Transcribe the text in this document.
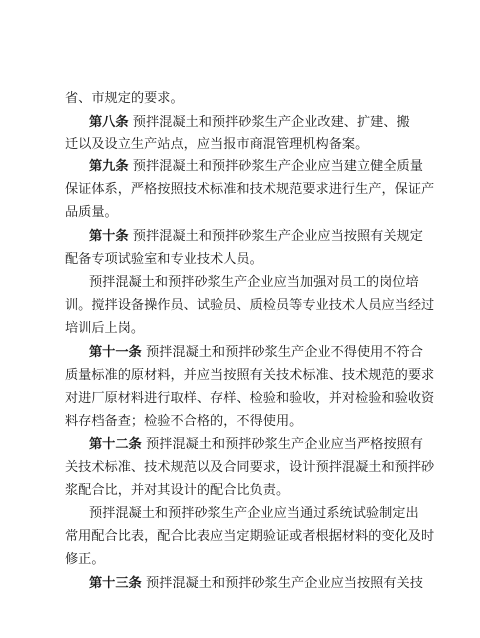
省、市规定的要求。
第八条 预拌混凝土和预拌砂浆生产企业改建、扩建、搬
迁以及设立生产站点，应当报市商混管理机构备案。
第九条 预拌混凝土和预拌砂浆生产企业应当建立健全质量
保证体系，严格按照技术标准和技术规范要求进行生产，保证产
品质量。
第十条 预拌混凝土和预拌砂浆生产企业应当按照有关规定
配备专项试验室和专业技术人员。
预拌混凝土和预拌砂浆生产企业应当加强对员工的岗位培
训。搅拌设备操作员、试验员、质检员等专业技术人员应当经过
培训后上岗。
第十一条 预拌混凝土和预拌砂浆生产企业不得使用不符合
质量标准的原材料，并应当按照有关技术标准、技术规范的要求
对进厂原材料进行取样、存样、检验和验收，并对检验和验收资
料存档备查；检验不合格的，不得使用。
第十二条 预拌混凝土和预拌砂浆生产企业应当严格按照有
关技术标准、技术规范以及合同要求，设计预拌混凝土和预拌砂
浆配合比，并对其设计的配合比负责。
预拌混凝土和预拌砂浆生产企业应当通过系统试验制定出
常用配合比表，配合比表应当定期验证或者根据材料的变化及时
修正。
第十三条 预拌混凝土和预拌砂浆生产企业应当按照有关技
